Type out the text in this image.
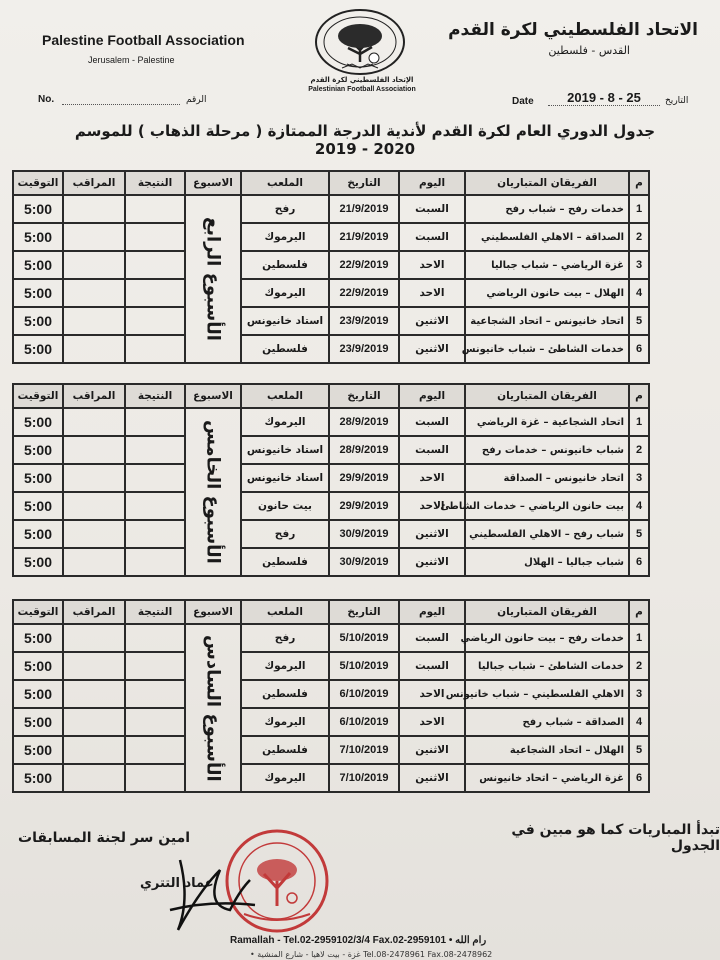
Palestine Football Association
Jerusalem - Palestine
الاتحاد الفلسطيني لكرة القدم
القدس - فلسطين
الإتحاد الفلسطيني لكرة القدم
Palestinian Football Association
No.	الرقم	Date	2019 - 8 - 25	التاريخ
جدول الدوري العام لكرة القدم لأندية الدرجة الممتازة ( مرحلة الذهاب ) للموسم 2020 - 2019
التوقيت	المراقب	النتيجة	الاسبوع	الملعب	التاريخ	اليوم	الفريقان المتباريان	م
5:00			الأسبوع الرابع	رفح	21/9/2019	السبت	خدمات رفح – شباب رفح	1
5:00				اليرموك	21/9/2019	السبت	الصداقة – الاهلي الفلسطيني	2
5:00				فلسطين	22/9/2019	الاحد	غزة الرياضي – شباب جباليا	3
5:00				اليرموك	22/9/2019	الاحد	الهلال – بيت حانون الرياضي	4
5:00				استاد خانيونس	23/9/2019	الاثنين	اتحاد خانيونس – اتحاد الشجاعية	5
5:00				فلسطين	23/9/2019	الاثنين	خدمات الشاطئ – شباب خانيونس	6
التوقيت	المراقب	النتيجة	الاسبوع	الملعب	التاريخ	اليوم	الفريقان المتباريان	م
5:00			الأسبوع الخامس	اليرموك	28/9/2019	السبت	اتحاد الشجاعية – غزة الرياضي	1
5:00				استاد خانيونس	28/9/2019	السبت	شباب خانيونس – خدمات رفح	2
5:00				استاد خانيونس	29/9/2019	الاحد	اتحاد خانيونس – الصداقة	3
5:00				بيت حانون	29/9/2019	الاحد	بيت حانون الرياضي – خدمات الشاطئ	4
5:00				رفح	30/9/2019	الاثنين	شباب رفح – الاهلي الفلسطيني	5
5:00				فلسطين	30/9/2019	الاثنين	شباب جباليا – الهلال	6
التوقيت	المراقب	النتيجة	الاسبوع	الملعب	التاريخ	اليوم	الفريقان المتباريان	م
5:00			الأسبوع السادس	رفح	5/10/2019	السبت	خدمات رفح – بيت حانون الرياضي	1
5:00				اليرموك	5/10/2019	السبت	خدمات الشاطئ – شباب جباليا	2
5:00				فلسطين	6/10/2019	الاحد	الاهلي الفلسطيني – شباب خانيونس	3
5:00				اليرموك	6/10/2019	الاحد	الصداقة – شباب رفح	4
5:00				فلسطين	7/10/2019	الاثنين	الهلال – اتحاد الشجاعية	5
5:00				اليرموك	7/10/2019	الاثنين	غزة الرياضي – اتحاد خانيونس	6
تبدأ المباريات كما هو مبين في الجدول
امين سر لجنة المسابقات
عماد التتري
Ramallah - Tel.02-2959102/3/4 Fax.02-2959101 • رام الله
• غزة - بيت لاهيا - شارع المنشية Tel.08-2478961 Fax.08-2478962
